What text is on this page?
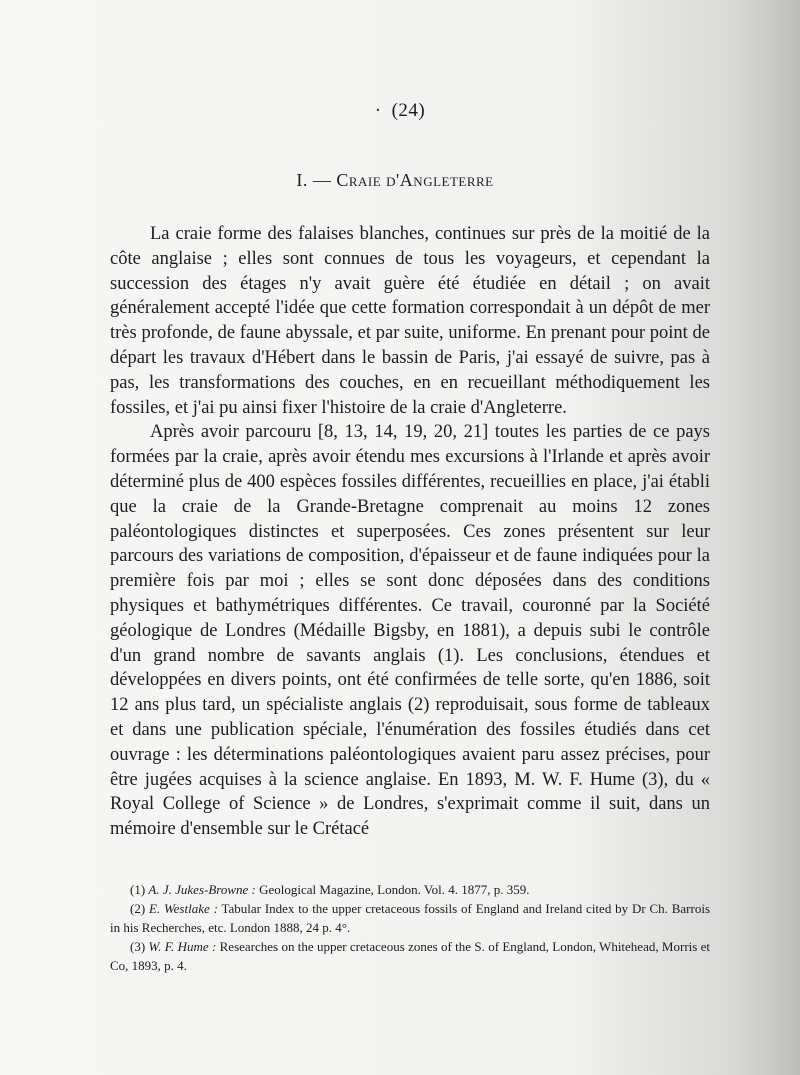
· (24)
I. — Craie d'Angleterre

La craie forme des falaises blanches, continues sur près de la moitié de la côte anglaise ; elles sont connues de tous les voyageurs, et cependant la succession des étages n'y avait guère été étudiée en détail ; on avait généralement accepté l'idée que cette formation correspondait à un dépôt de mer très profonde, de faune abyssale, et par suite, uniforme. En prenant pour point de départ les travaux d'Hébert dans le bassin de Paris, j'ai essayé de suivre, pas à pas, les transformations des couches, en en recueillant méthodiquement les fossiles, et j'ai pu ainsi fixer l'histoire de la craie d'Angleterre.

Après avoir parcouru [8, 13, 14, 19, 20, 21] toutes les parties de ce pays formées par la craie, après avoir étendu mes excursions à l'Irlande et après avoir déterminé plus de 400 espèces fossiles différentes, recueillies en place, j'ai établi que la craie de la Grande-Bretagne comprenait au moins 12 zones paléontologiques distinctes et superposées. Ces zones présentent sur leur parcours des variations de composition, d'épaisseur et de faune indiquées pour la première fois par moi ; elles se sont donc déposées dans des conditions physiques et bathymétriques différentes. Ce travail, couronné par la Société géologique de Londres (Médaille Bigsby, en 1881), a depuis subi le contrôle d'un grand nombre de savants anglais (1). Les conclusions, étendues et développées en divers points, ont été confirmées de telle sorte, qu'en 1886, soit 12 ans plus tard, un spécialiste anglais (2) reproduisait, sous forme de tableaux et dans une publication spéciale, l'énumération des fossiles étudiés dans cet ouvrage : les déterminations paléontologiques avaient paru assez précises, pour être jugées acquises à la science anglaise. En 1893, M. W. F. Hume (3), du « Royal College of Science » de Londres, s'exprimait comme il suit, dans un mémoire d'ensemble sur le Crétacé

(1) A. J. Jukes-Browne : Geological Magazine, London. Vol. 4. 1877, p. 359.

(2) E. Westlake : Tabular Index to the upper cretaceous fossils of England and Ireland cited by Dr Ch. Barrois in his Recherches, etc. London 1888, 24 p. 4°.

(3) W. F. Hume : Researches on the upper cretaceous zones of the S. of England, London, Whitehead, Morris et Co, 1893, p. 4.
